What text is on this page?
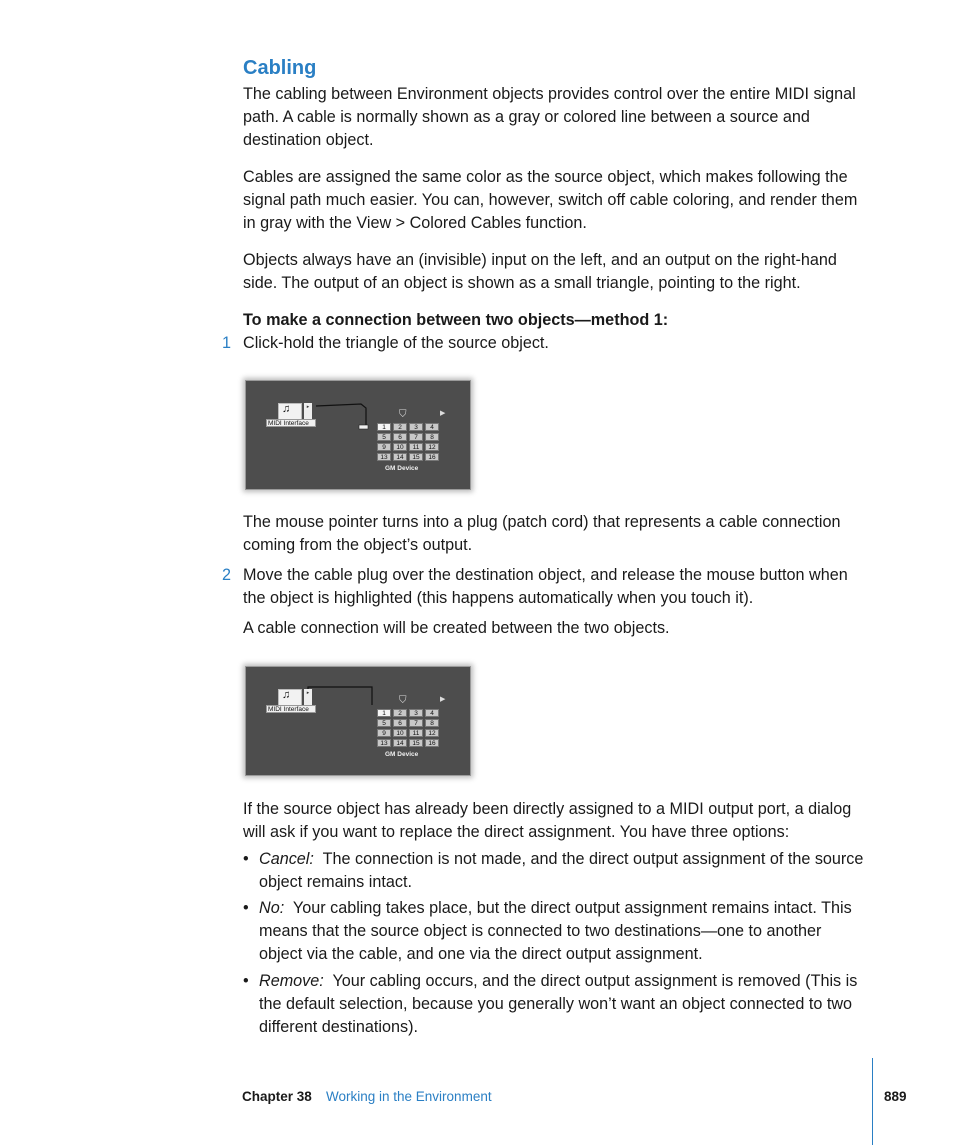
Cabling

The cabling between Environment objects provides control over the entire MIDI signal path. A cable is normally shown as a gray or colored line between a source and destination object.

Cables are assigned the same color as the source object, which makes following the signal path much easier. You can, however, switch off cable coloring, and render them in gray with the View > Colored Cables function.

Objects always have an (invisible) input on the left, and an output on the right-hand side. The output of an object is shown as a small triangle, pointing to the right.

To make a connection between two objects—method 1:

1 Click-hold the triangle of the source object.

♫	▸
MIDI Interface
⛉
1	2	3	4
5	6	7	8
9	10	11	12
13	14	15	16
GM Device
▶

The mouse pointer turns into a plug (patch cord) that represents a cable connection coming from the object’s output.

2 Move the cable plug over the destination object, and release the mouse button when the object is highlighted (this happens automatically when you touch it).

A cable connection will be created between the two objects.

♫	▸
MIDI Interface
⛉
1	2	3	4
5	6	7	8
9	10	11	12
13	14	15	16
GM Device
▶

If the source object has already been directly assigned to a MIDI output port, a dialog will ask if you want to replace the direct assignment. You have three options:

• Cancel:  The connection is not made, and the direct output assignment of the source object remains intact.
• No:  Your cabling takes place, but the direct output assignment remains intact. This means that the source object is connected to two destinations—one to another object via the cable, and one via the direct output assignment.
• Remove:  Your cabling occurs, and the direct output assignment is removed (This is the default selection, because you generally won’t want an object connected to two different destinations).
Chapter 38 Working in the Environment	889
